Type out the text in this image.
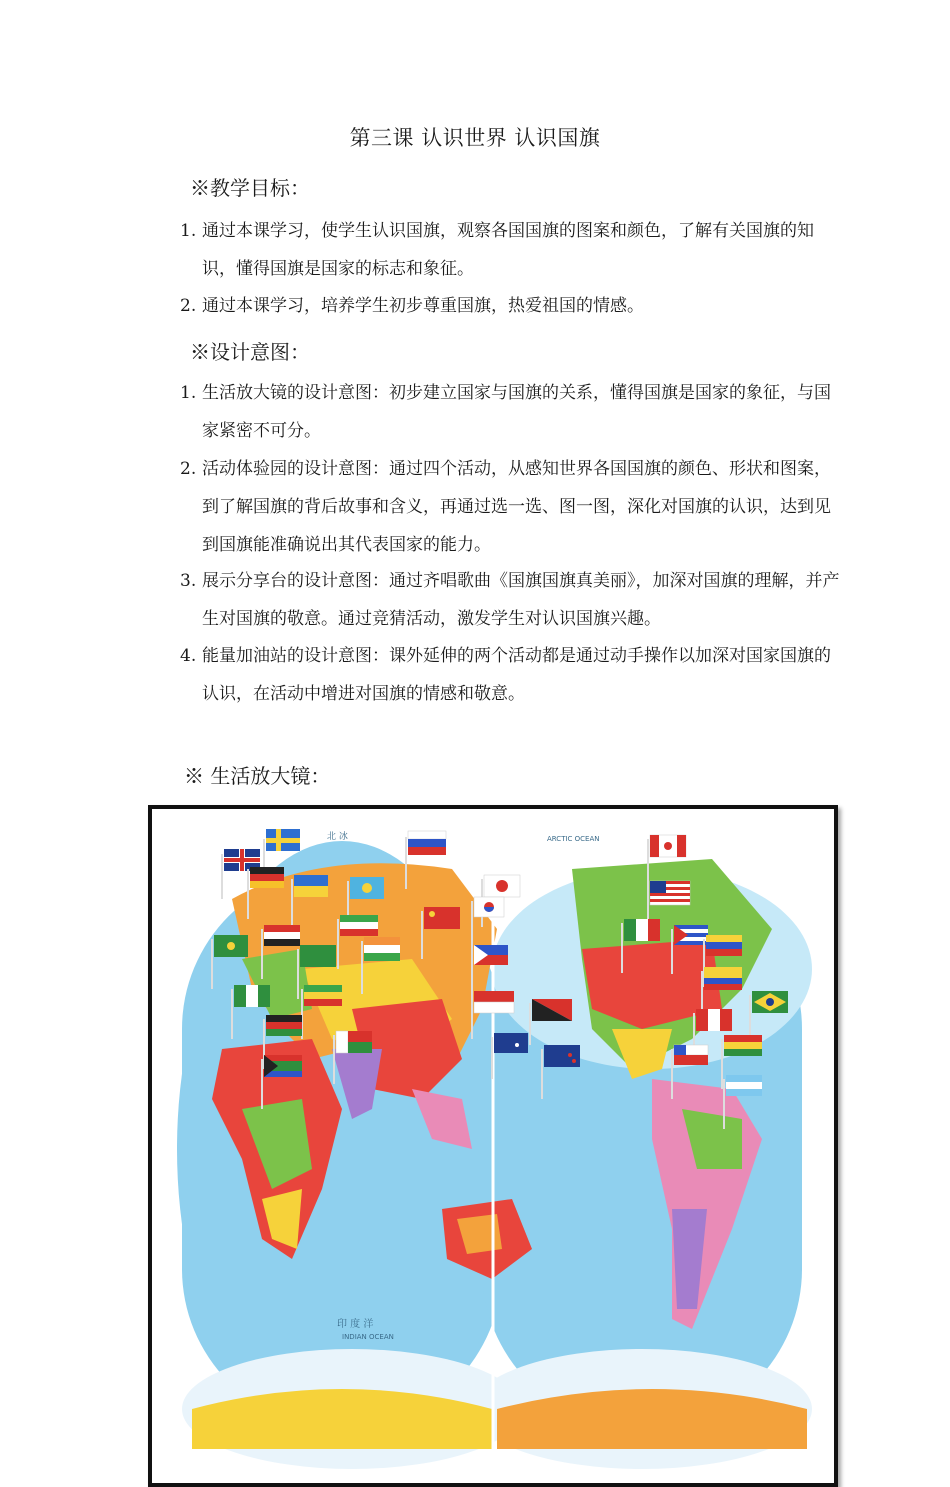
第三课 认识世界 认识国旗
※教学目标：
1. 通过本课学习，使学生认识国旗，观察各国国旗的图案和颜色，了解有关国旗的知识，懂得国旗是国家的标志和象征。
2. 通过本课学习，培养学生初步尊重国旗，热爱祖国的情感。
※设计意图：
1. 生活放大镜的设计意图：初步建立国家与国旗的关系，懂得国旗是国家的象征，与国家紧密不可分。
2. 活动体验园的设计意图：通过四个活动，从感知世界各国国旗的颜色、形状和图案，到了解国旗的背后故事和含义，再通过选一选、图一图，深化对国旗的认识，达到见到国旗能准确说出其代表国家的能力。
3. 展示分享台的设计意图：通过齐唱歌曲《国旗国旗真美丽》，加深对国旗的理解，并产生对国旗的敬意。通过竞猜活动，激发学生对认识国旗兴趣。
4. 能量加油站的设计意图：课外延伸的两个活动都是通过动手操作以加深对国家国旗的认识，在活动中增进对国旗的情感和敬意。
※ 生活放大镜：
北 冰	ARCTIC OCEAN
印 度 洋
INDIAN OCEAN
